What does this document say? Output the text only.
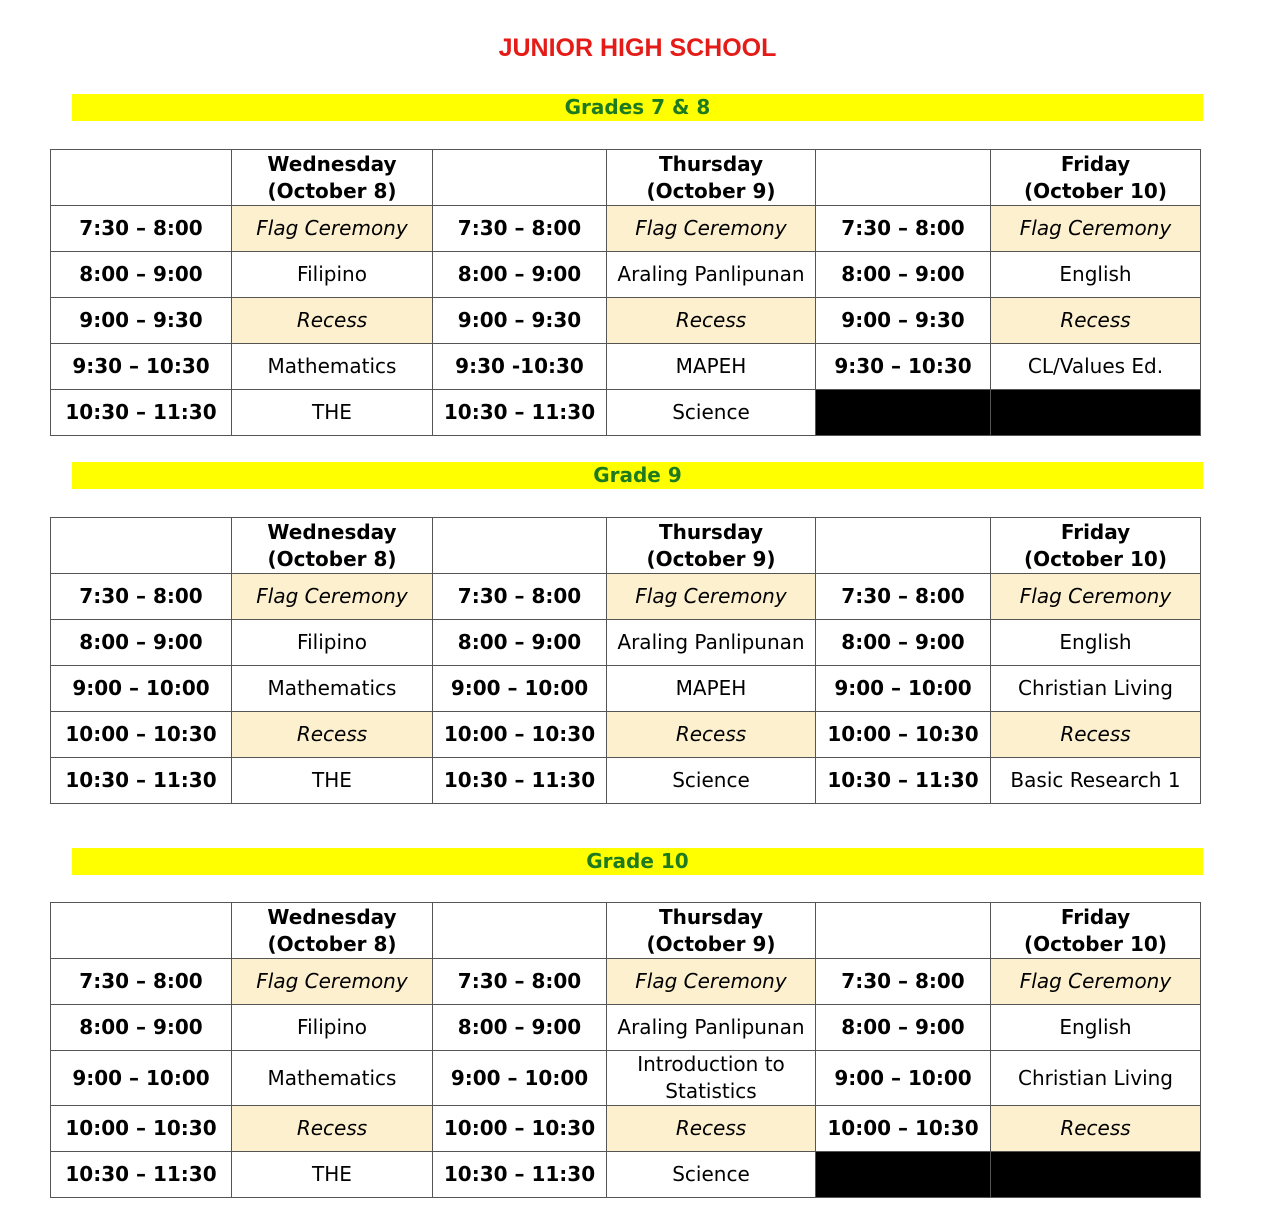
JUNIOR HIGH SCHOOL
Grades 7 & 8

	Wednesday
(October 8)		Thursday
(October 9)		Friday
(October 10)

7:30 – 8:00	Flag Ceremony	7:30 – 8:00	Flag Ceremony	7:30 – 8:00	Flag Ceremony
8:00 – 9:00	Filipino	8:00 – 9:00	Araling Panlipunan	8:00 – 9:00	English
9:00 – 9:30	Recess	9:00 – 9:30	Recess	9:00 – 9:30	Recess
9:30 – 10:30	Mathematics	9:30 -10:30	MAPEH	9:30 – 10:30	CL/Values Ed.
10:30 – 11:30	THE	10:30 – 11:30	Science		
Grade 9

	Wednesday
(October 8)		Thursday
(October 9)		Friday
(October 10)

7:30 – 8:00	Flag Ceremony	7:30 – 8:00	Flag Ceremony	7:30 – 8:00	Flag Ceremony
8:00 – 9:00	Filipino	8:00 – 9:00	Araling Panlipunan	8:00 – 9:00	English
9:00 – 10:00	Mathematics	9:00 – 10:00	MAPEH	9:00 – 10:00	Christian Living
10:00 – 10:30	Recess	10:00 – 10:30	Recess	10:00 – 10:30	Recess
10:30 – 11:30	THE	10:30 – 11:30	Science	10:30 – 11:30	Basic Research 1
Grade 10

	Wednesday
(October 8)		Thursday
(October 9)		Friday
(October 10)

7:30 – 8:00	Flag Ceremony	7:30 – 8:00	Flag Ceremony	7:30 – 8:00	Flag Ceremony
8:00 – 9:00	Filipino	8:00 – 9:00	Araling Panlipunan	8:00 – 9:00	English
9:00 – 10:00	Mathematics	9:00 – 10:00	Introduction to Statistics	9:00 – 10:00	Christian Living
10:00 – 10:30	Recess	10:00 – 10:30	Recess	10:00 – 10:30	Recess
10:30 – 11:30	THE	10:30 – 11:30	Science		
